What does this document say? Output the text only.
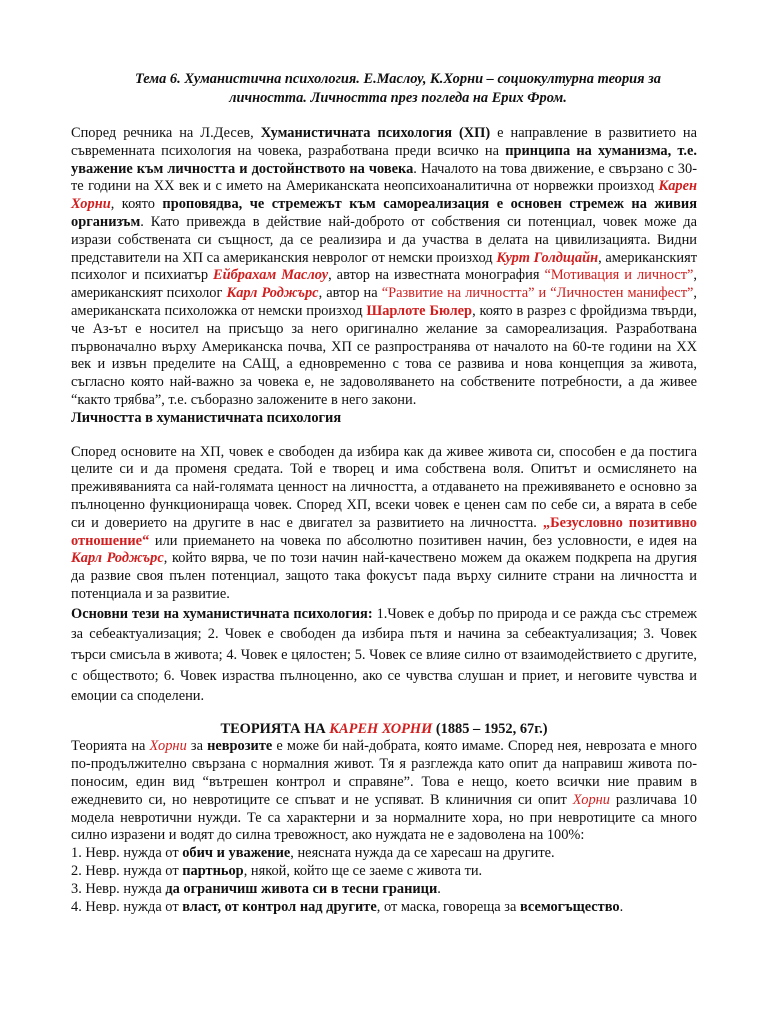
Тема 6. Хуманистична психология. Е.Маслоу, К.Хорни – социокултурна теория за
личността. Личността през погледа на Ерих Фром.

Според речника на Л.Десев, Хуманистичната психология (ХП) е направление в развитието на съвременната психология на човека, разработвана преди всичко на принципа на хуманизма, т.е. уважение към личността и достойнството на човека. Началото на това движение, е свързано с 30-те години на ХХ век и с името на Американската неопсихоаналитична от норвежки произход Карен Хорни, която проповядва, че стремежът към самореализация е основен стремеж на живия организъм. Като привежда в действие най-доброто от собствения си потенциал, човек може да изрази собствената си същност, да се реализира и да участва в делата на цивилизацията. Видни представители на ХП са американския невролог от немски произход Курт Голдщайн, американският психолог и психиатър Ейбрахам Маслоу, автор на известната монография “Мотивация и личност”, американският психолог Карл Роджърс, автор на “Развитие на личността” и “Личностен манифест”, американската психоложка от немски произход Шарлоте Бюлер, която в разрез с фройдизма твърди, че Аз-ът е носител на присъщо за него оригинално желание за самореализация. Разработвана първоначално върху Американска почва, ХП се разпространява от началото на 60-те години на ХХ век и извън пределите на САЩ, а едновременно с това се развива и нова концепция за живота, съгласно която най-важно за човека е, не задоволяването на собствените потребности, а да живее “както трябва”, т.е. съборазно заложените в него закони.

Личността в хуманистичната психология

Според основите на ХП, човек е свободен да избира как да живее живота си, способен е да постига целите си и да променя средата. Той е творец и има собствена воля. Опитът и осмислянето на преживяванията са най-голямата ценност на личността, а отдаването на преживяването е основно за пълноценно функционираща човек. Според ХП, всеки човек е ценен сам по себе си, а вярата в себе си и доверието на другите в нас е двигател за развитието на личността. „Безусловно позитивно отношение“ или приемането на човека по абсолютно позитивен начин, без условности, е идея на Карл Роджърс, който вярва, че по този начин най-качествено можем да окажем подкрепа на другия да развие своя пълен потенциал, защото така фокусът пада върху силните страни на личността и потенциала и за развитие.

Основни тези на хуманистичната психология: 1.Човек е добър по природа и се ражда със стремеж за себеактуализация; 2. Човек е свободен да избира пътя и начина за себеактуализация; 3. Човек търси смисъла в живота; 4. Човек е цялостен; 5. Човек се влияе силно от взаимодействието с другите, с обществото; 6. Човек израства пълноценно, ако се чувства слушан и приет, и неговите чувства и емоции са споделени.

ТЕОРИЯТА НА КАРЕН ХОРНИ (1885 – 1952, 67г.)

Теорията на Хорни за неврозите е може би най-добрата, която имаме. Според нея, неврозата е много по-продължително свързана с нормалния живот. Тя я разглежда като опит да направиш живота по-поносим, един вид “вътрешен контрол и справяне”. Това е нещо, което всички ние правим в ежедневито си, но невротиците се спъват и не успяват. В клиничния си опит Хорни различава 10 модела невротични нужди. Те са характерни и за нормалните хора, но при невротиците са много силно изразени и водят до силна тревожност, ако нуждата не е задоволена на 100%:

1. Невр. нужда от обич и уважение, неясната нужда да се харесаш на другите.

2. Невр. нужда от партньор, някой, който ще се заеме с живота ти.

3. Невр. нужда да ограничиш живота си в тесни граници.

4. Невр. нужда от власт, от контрол над другите, от маска, говореща за всемогъщество.
